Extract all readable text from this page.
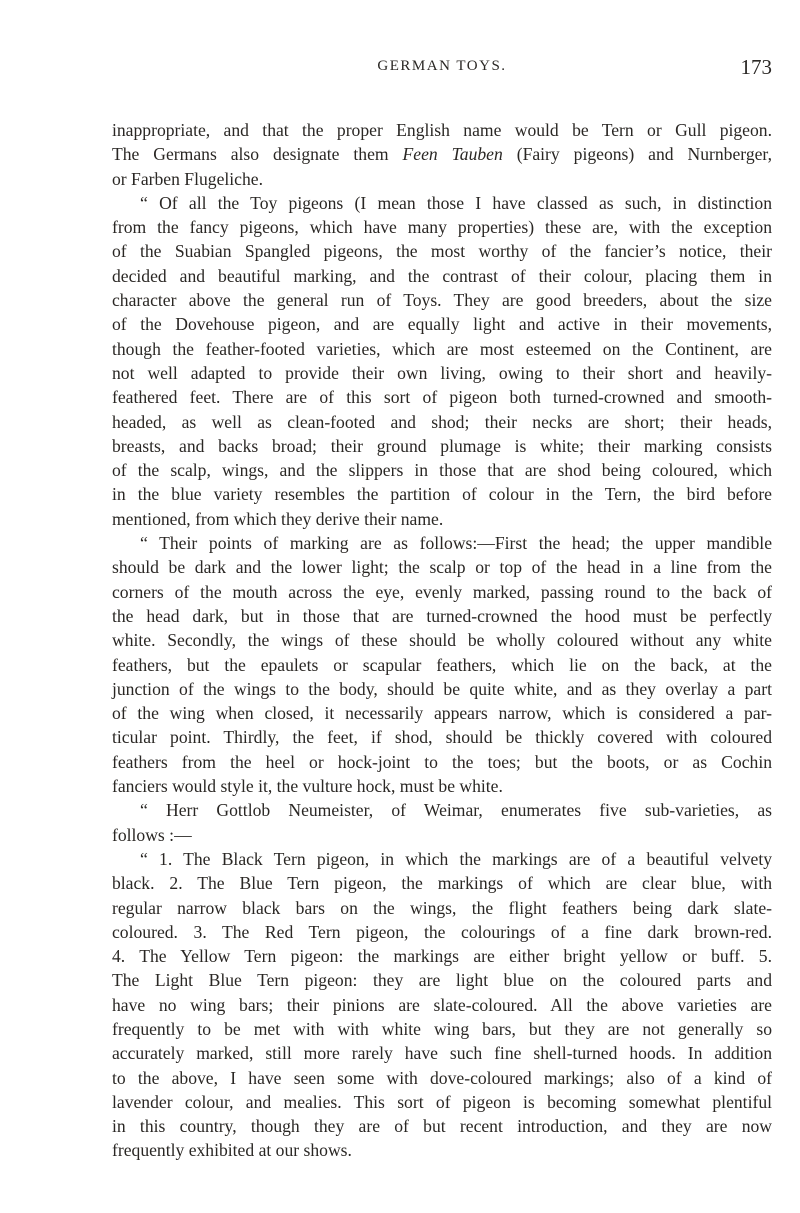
GERMAN TOYS.	173
inappropriate, and that the proper English name would be Tern or Gull pigeon.
The Germans also designate them Feen Tauben (Fairy pigeons) and Nurnberger,
or Farben Flugeliche.
“ Of all the Toy pigeons (I mean those I have classed as such, in distinction
from the fancy pigeons, which have many properties) these are, with the exception
of the Suabian Spangled pigeons, the most worthy of the fancier’s notice, their
decided and beautiful marking, and the contrast of their colour, placing them in
character above the general run of Toys. They are good breeders, about the size
of the Dovehouse pigeon, and are equally light and active in their movements,
though the feather-footed varieties, which are most esteemed on the Continent, are
not well adapted to provide their own living, owing to their short and heavily-
feathered feet. There are of this sort of pigeon both turned-crowned and smooth-
headed, as well as clean-footed and shod; their necks are short; their heads,
breasts, and backs broad; their ground plumage is white; their marking consists
of the scalp, wings, and the slippers in those that are shod being coloured, which
in the blue variety resembles the partition of colour in the Tern, the bird before
mentioned, from which they derive their name.
“ Their points of marking are as follows:—First the head; the upper mandible
should be dark and the lower light; the scalp or top of the head in a line from the
corners of the mouth across the eye, evenly marked, passing round to the back of
the head dark, but in those that are turned-crowned the hood must be perfectly
white. Secondly, the wings of these should be wholly coloured without any white
feathers, but the epaulets or scapular feathers, which lie on the back, at the
junction of the wings to the body, should be quite white, and as they overlay a part
of the wing when closed, it necessarily appears narrow, which is considered a par-
ticular point. Thirdly, the feet, if shod, should be thickly covered with coloured
feathers from the heel or hock-joint to the toes; but the boots, or as Cochin
fanciers would style it, the vulture hock, must be white.
“ Herr Gottlob Neumeister, of Weimar, enumerates five sub-varieties, as
follows :—
“ 1. The Black Tern pigeon, in which the markings are of a beautiful velvety
black. 2. The Blue Tern pigeon, the markings of which are clear blue, with
regular narrow black bars on the wings, the flight feathers being dark slate-
coloured. 3. The Red Tern pigeon, the colourings of a fine dark brown-red.
4. The Yellow Tern pigeon: the markings are either bright yellow or buff. 5.
The Light Blue Tern pigeon: they are light blue on the coloured parts and
have no wing bars; their pinions are slate-coloured. All the above varieties are
frequently to be met with with white wing bars, but they are not generally so
accurately marked, still more rarely have such fine shell-turned hoods. In addition
to the above, I have seen some with dove-coloured markings; also of a kind of
lavender colour, and mealies. This sort of pigeon is becoming somewhat plentiful
in this country, though they are of but recent introduction, and they are now
frequently exhibited at our shows.
